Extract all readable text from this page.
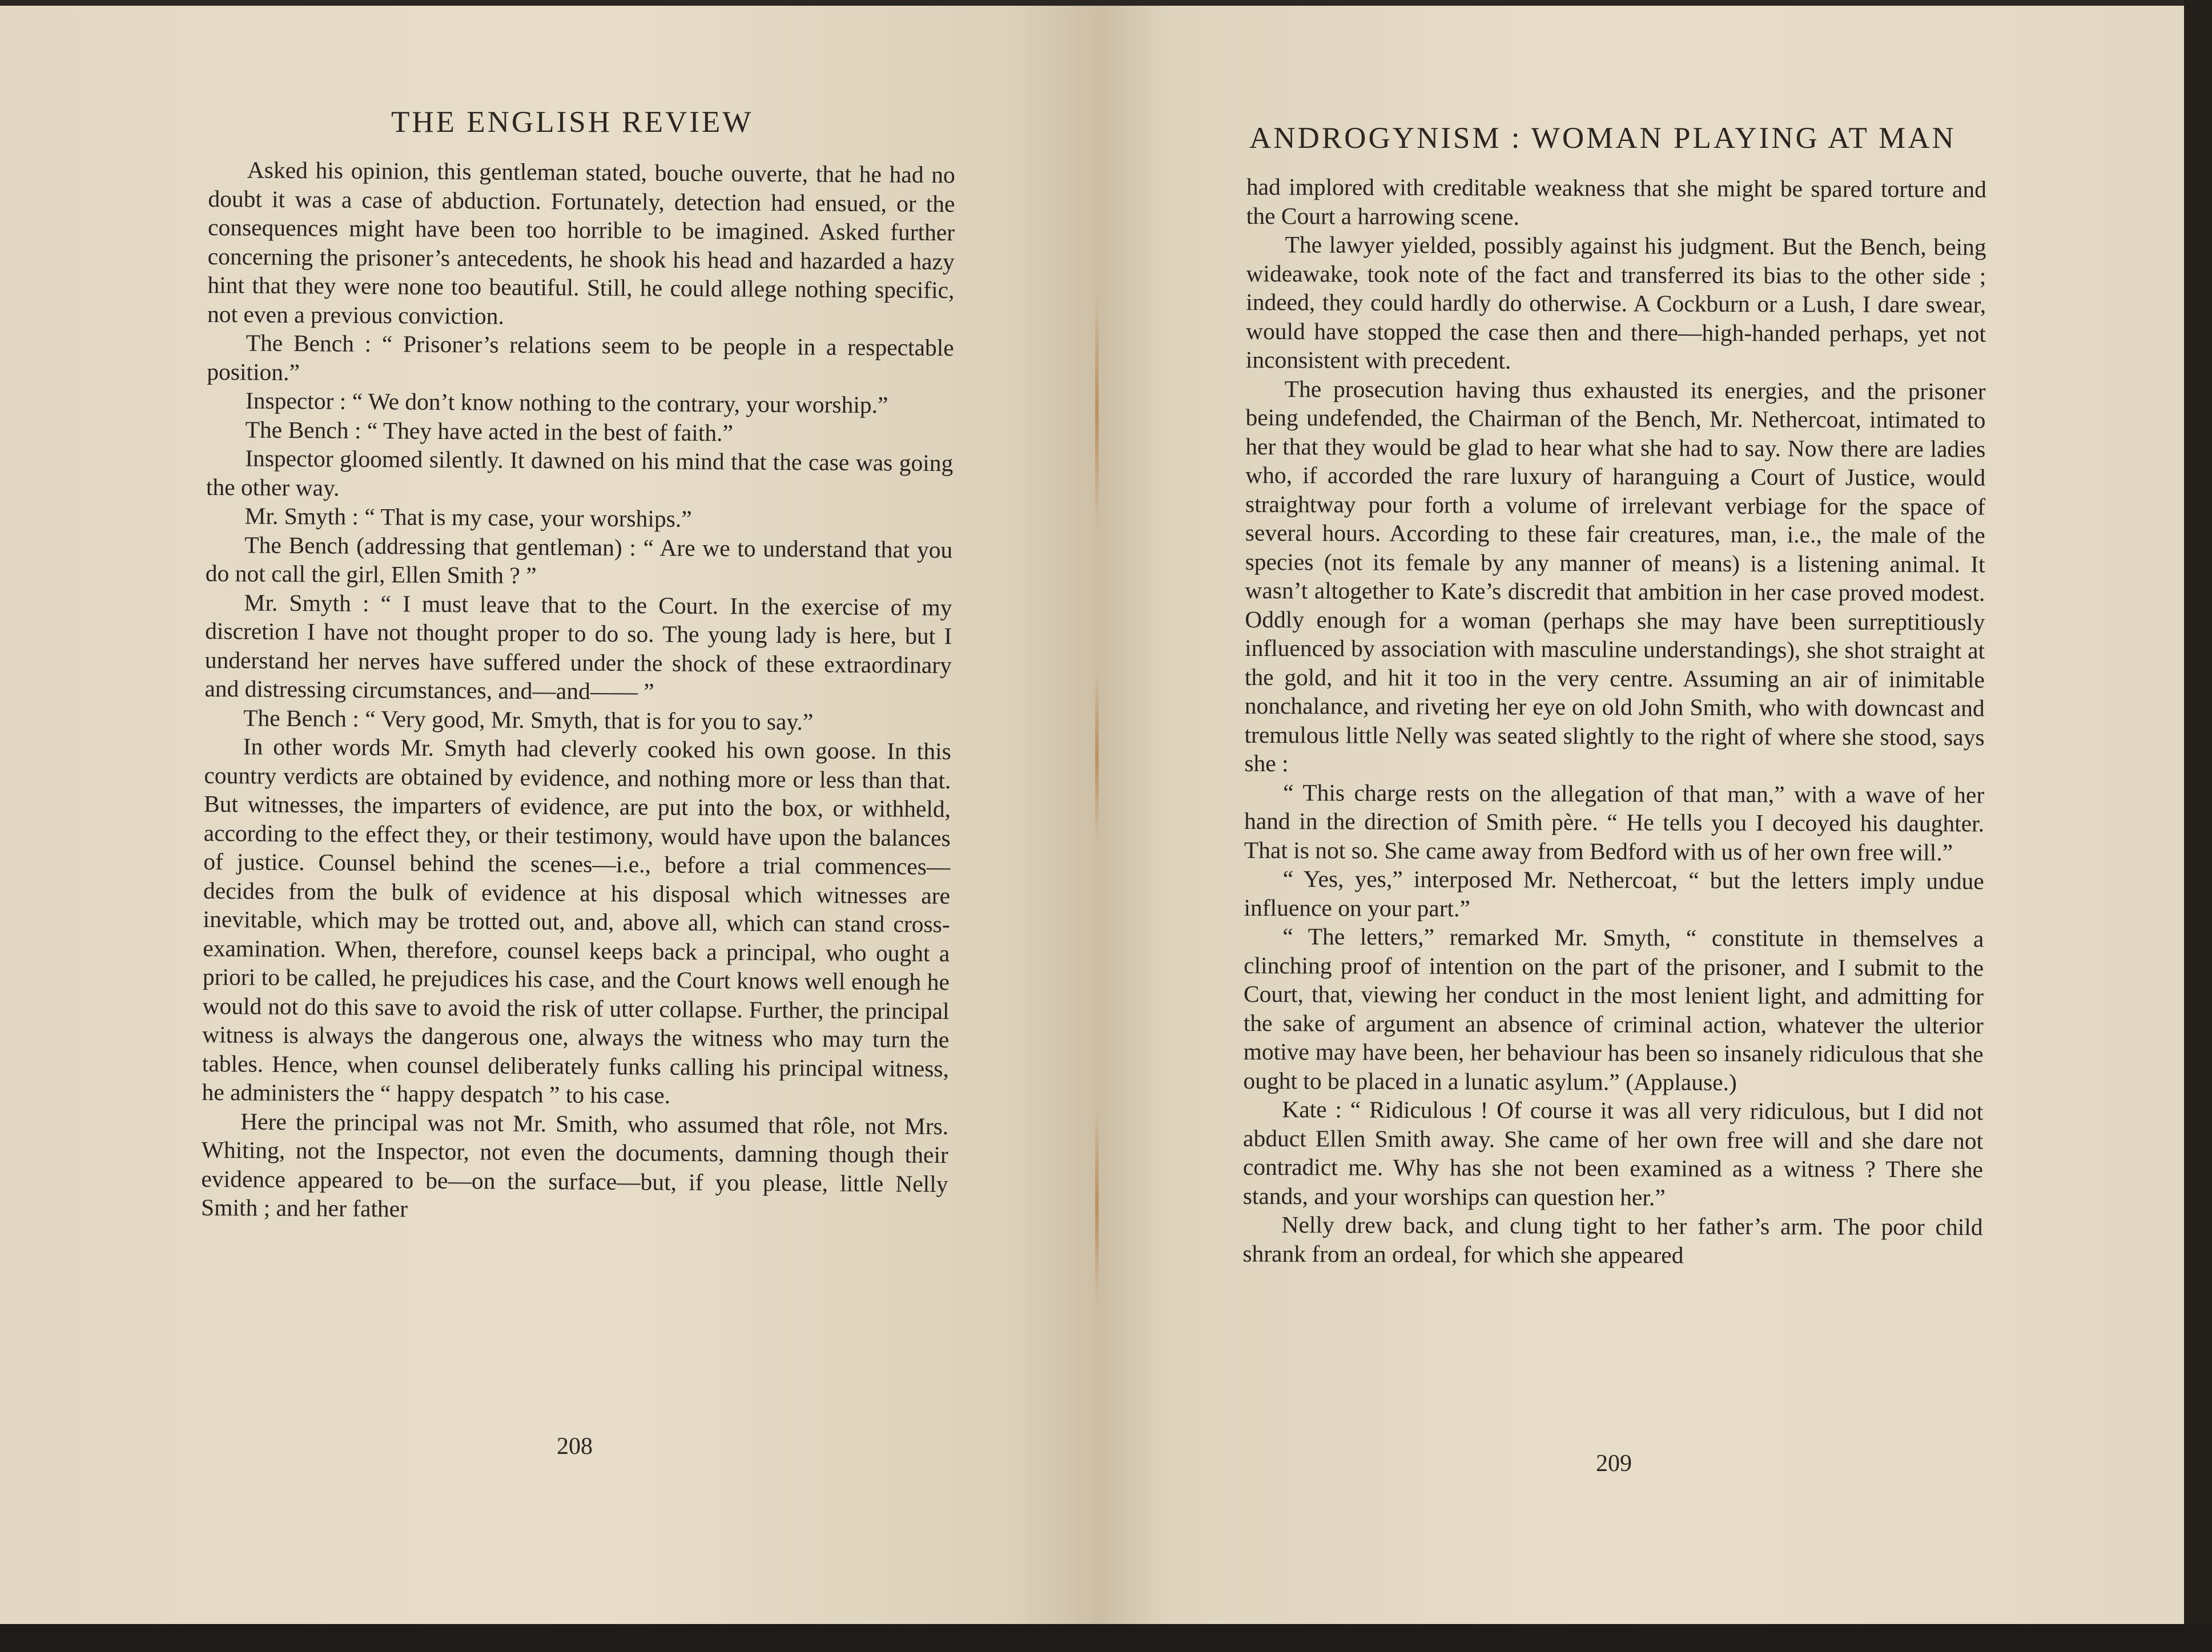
THE ENGLISH REVIEW

Asked his opinion, this gentleman stated, bouche ouverte, that he had no doubt it was a case of abduction. Fortunately, detection had ensued, or the consequences might have been too horrible to be imagined. Asked further concerning the prisoner’s antecedents, he shook his head and hazarded a hazy hint that they were none too beautiful. Still, he could allege nothing specific, not even a previous conviction.

The Bench : “ Prisoner’s relations seem to be people in a respectable position.”

Inspector : “ We don’t know nothing to the contrary, your worship.”

The Bench : “ They have acted in the best of faith.”

Inspector gloomed silently. It dawned on his mind that the case was going the other way.

Mr. Smyth : “ That is my case, your worships.”

The Bench (addressing that gentleman) : “ Are we to understand that you do not call the girl, Ellen Smith ? ”

Mr. Smyth : “ I must leave that to the Court. In the exercise of my discretion I have not thought proper to do so. The young lady is here, but I understand her nerves have suffered under the shock of these extraordinary and distressing circumstances, and—and—— ”

The Bench : “ Very good, Mr. Smyth, that is for you to say.”

In other words Mr. Smyth had cleverly cooked his own goose. In this country verdicts are obtained by evidence, and nothing more or less than that. But witnesses, the imparters of evidence, are put into the box, or withheld, according to the effect they, or their testimony, would have upon the balances of justice. Counsel behind the scenes—i.e., before a trial commences—decides from the bulk of evidence at his disposal which witnesses are inevitable, which may be trotted out, and, above all, which can stand cross-examination. When, therefore, counsel keeps back a principal, who ought a priori to be called, he prejudices his case, and the Court knows well enough he would not do this save to avoid the risk of utter collapse. Further, the principal witness is always the dangerous one, always the witness who may turn the tables. Hence, when counsel deliberately funks calling his principal witness, he administers the “ happy despatch ” to his case.

Here the principal was not Mr. Smith, who assumed that rôle, not Mrs. Whiting, not the Inspector, not even the documents, damning though their evidence appeared to be—on the surface—but, if you please, little Nelly Smith ; and her father

208
ANDROGYNISM : WOMAN PLAYING AT MAN

had implored with creditable weakness that she might be spared torture and the Court a harrowing scene.

The lawyer yielded, possibly against his judgment. But the Bench, being wideawake, took note of the fact and transferred its bias to the other side ; indeed, they could hardly do otherwise. A Cockburn or a Lush, I dare swear, would have stopped the case then and there—high-handed perhaps, yet not inconsistent with precedent.

The prosecution having thus exhausted its energies, and the prisoner being undefended, the Chairman of the Bench, Mr. Nethercoat, intimated to her that they would be glad to hear what she had to say. Now there are ladies who, if accorded the rare luxury of haranguing a Court of Justice, would straightway pour forth a volume of irrelevant verbiage for the space of several hours. According to these fair creatures, man, i.e., the male of the species (not its female by any manner of means) is a listening animal. It wasn’t altogether to Kate’s discredit that ambition in her case proved modest. Oddly enough for a woman (perhaps she may have been surreptitiously influenced by association with masculine understandings), she shot straight at the gold, and hit it too in the very centre. Assuming an air of inimitable nonchalance, and riveting her eye on old John Smith, who with downcast and tremulous little Nelly was seated slightly to the right of where she stood, says she :

“ This charge rests on the allegation of that man,” with a wave of her hand in the direction of Smith père. “ He tells you I decoyed his daughter. That is not so. She came away from Bedford with us of her own free will.”

“ Yes, yes,” interposed Mr. Nethercoat, “ but the letters imply undue influence on your part.”

“ The letters,” remarked Mr. Smyth, “ constitute in themselves a clinching proof of intention on the part of the prisoner, and I submit to the Court, that, viewing her conduct in the most lenient light, and admitting for the sake of argument an absence of criminal action, whatever the ulterior motive may have been, her behaviour has been so insanely ridiculous that she ought to be placed in a lunatic asylum.” (Applause.)

Kate : “ Ridiculous ! Of course it was all very ridiculous, but I did not abduct Ellen Smith away. She came of her own free will and she dare not contradict me. Why has she not been examined as a witness ? There she stands, and your worships can question her.”

Nelly drew back, and clung tight to her father’s arm. The poor child shrank from an ordeal, for which she appeared

209
